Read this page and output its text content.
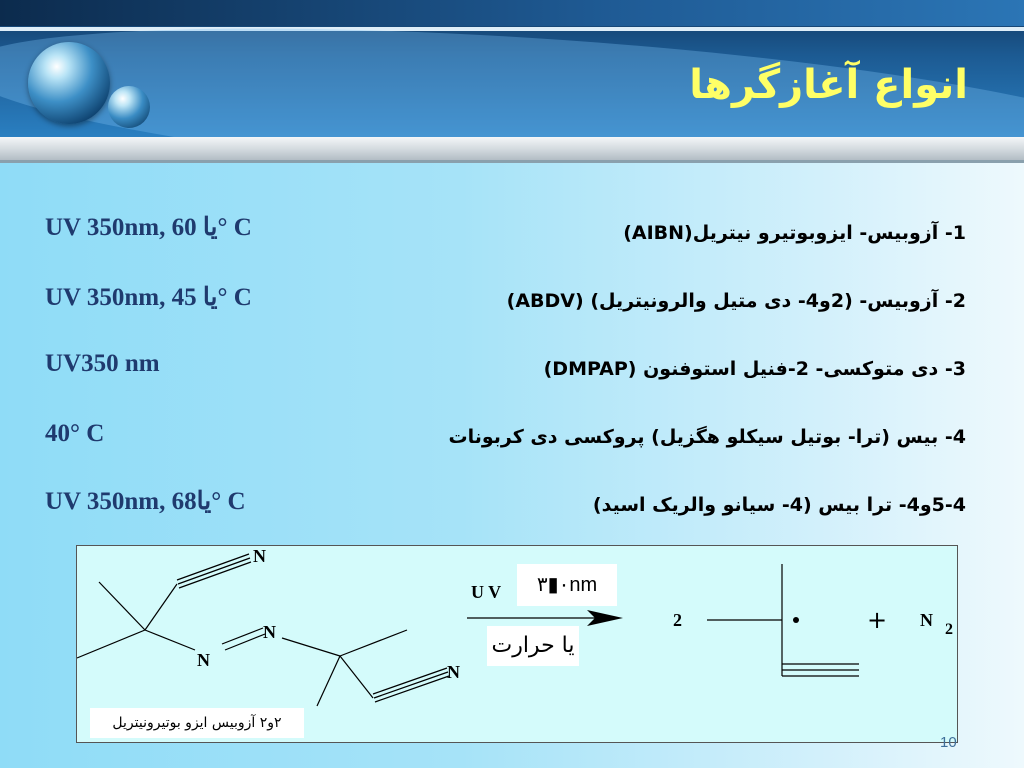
انواع آغازگرها
1- آزوبیس- ایزوبوتیرو نیتریل(AIBN)
2- آزوبیس- (2و4- دی متیل والرونیتریل) (ABDV)
3- دی متوکسی- 2-فنیل استوفنون (DMPAP)
4- بیس (ترا- بوتیل سیکلو هگزیل) پروکسی دی کربونات
5-4و4- ترا بیس (4- سیانو والریک اسید)
UV 350nm, یا 60° C
UV 350nm, یا 45° C
UV350 nm
40° C
UV 350nm, یا68° C
N
N
N
N
U V
2	N 2
+
۳▮۰nm
یا حرارت
۲و۲ آزوبیس ایزو بوتیرونیتریل
10
